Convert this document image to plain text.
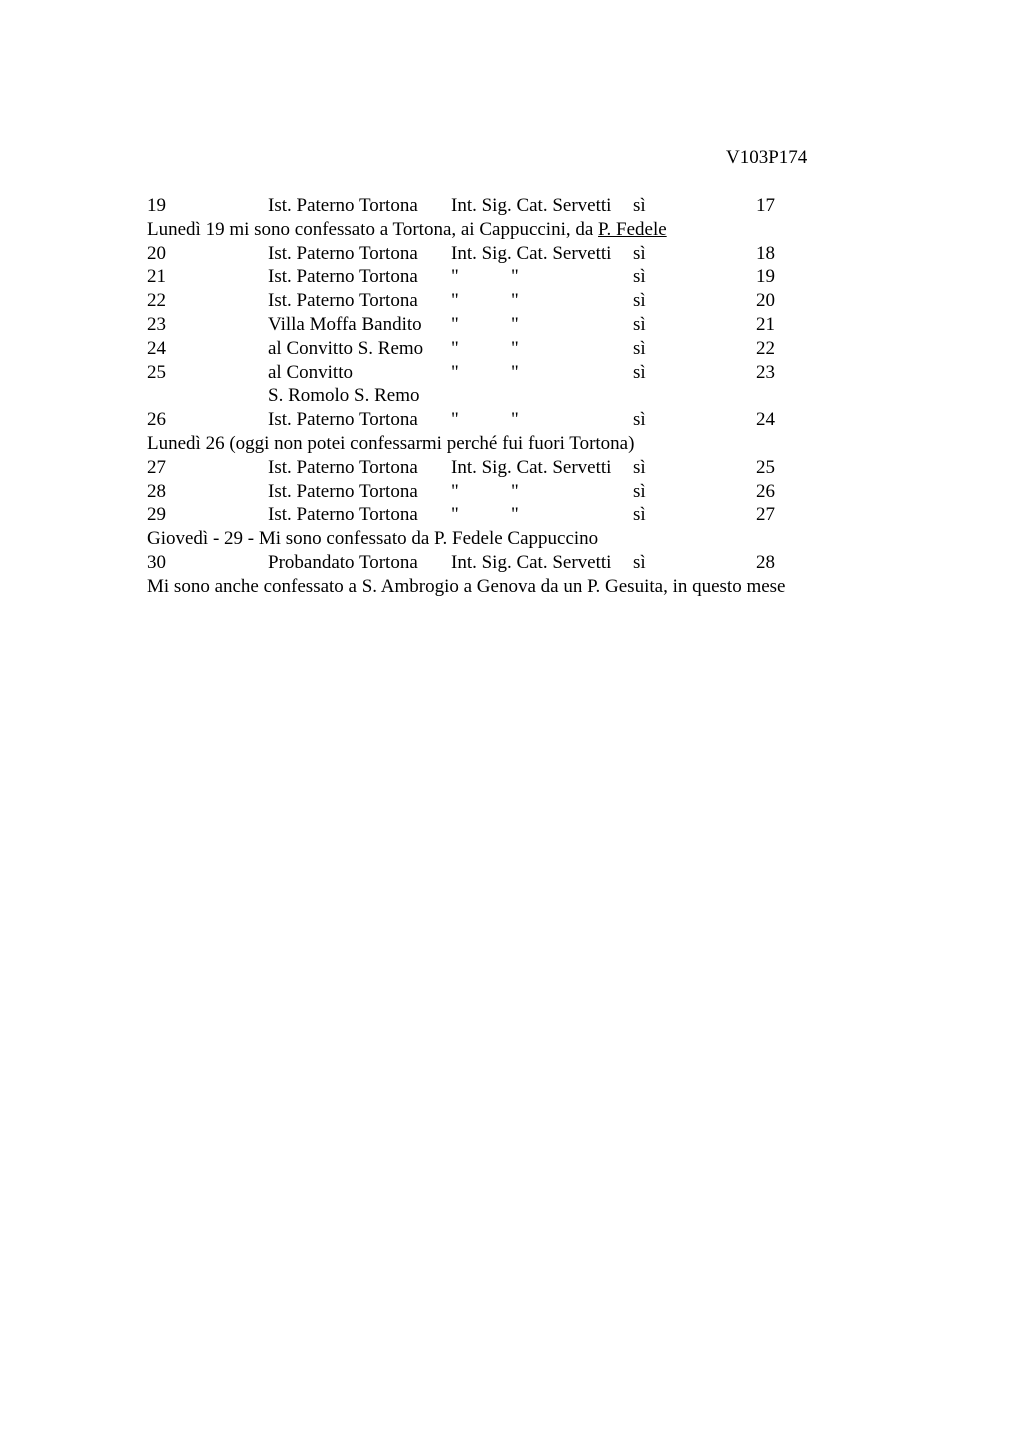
V103P174
19	Ist. Paterno Tortona Int. Sig. Cat. Servetti sì	17
Lunedì 19 mi sono confessato a Tortona, ai Cappuccini, da P. Fedele
20	Ist. Paterno Tortona Int. Sig. Cat. Servetti sì	18
21	Ist. Paterno Tortona "	"	sì	19
22	Ist. Paterno Tortona "	"	sì	20
23	Villa Moffa Bandito "	"	sì	21
24	al Convitto S. Remo "	"	sì	22
25	al Convitto	"	"	sì	23
S. Romolo S. Remo
26	Ist. Paterno Tortona "	"	sì	24
Lunedì 26 (oggi non potei confessarmi perché fui fuori Tortona)
27	Ist. Paterno Tortona Int. Sig. Cat. Servetti sì	25
28	Ist. Paterno Tortona "	"	sì	26
29	Ist. Paterno Tortona "	"	sì	27
Giovedì - 29 - Mi sono confessato da P. Fedele Cappuccino
30	Probandato Tortona Int. Sig. Cat. Servetti sì	28
Mi sono anche confessato a S. Ambrogio a Genova da un P. Gesuita, in questo mese
